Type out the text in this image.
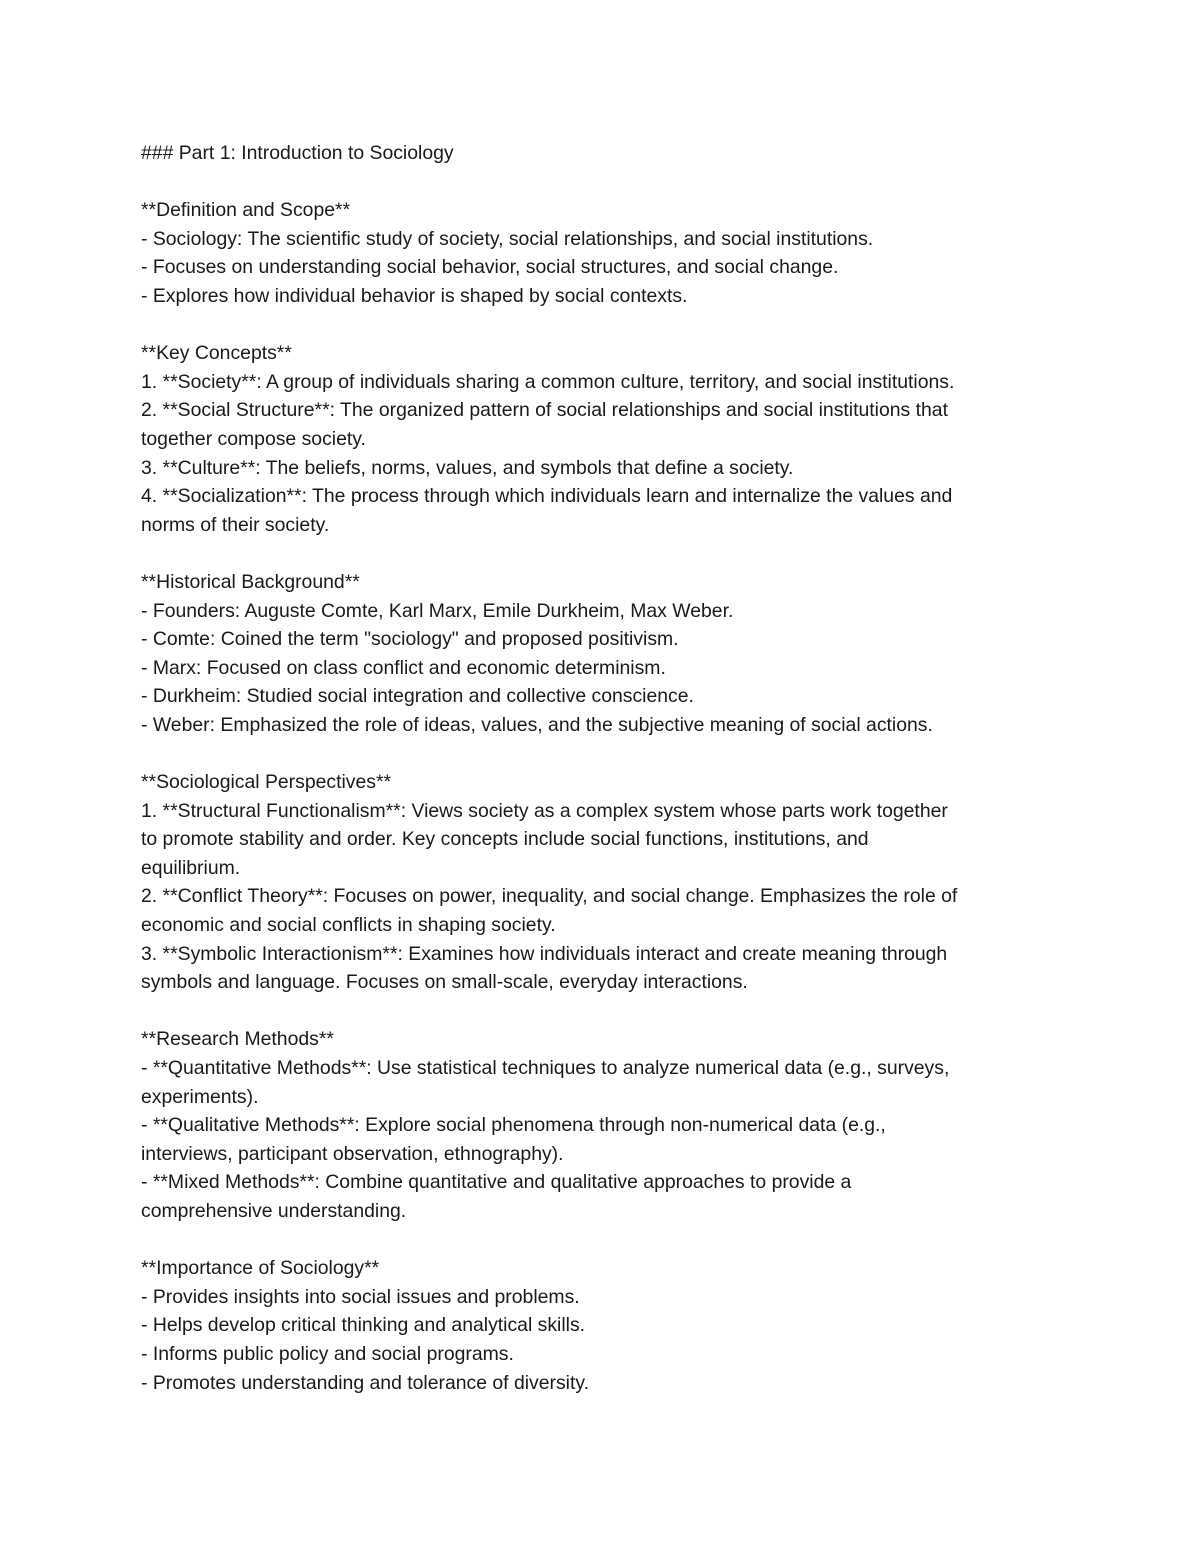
### Part 1: Introduction to Sociology
**Definition and Scope**
- Sociology: The scientific study of society, social relationships, and social institutions.
- Focuses on understanding social behavior, social structures, and social change.
- Explores how individual behavior is shaped by social contexts.
**Key Concepts**
1. **Society**: A group of individuals sharing a common culture, territory, and social institutions.
2. **Social Structure**: The organized pattern of social relationships and social institutions that
together compose society.
3. **Culture**: The beliefs, norms, values, and symbols that define a society.
4. **Socialization**: The process through which individuals learn and internalize the values and
norms of their society.
**Historical Background**
- Founders: Auguste Comte, Karl Marx, Emile Durkheim, Max Weber.
- Comte: Coined the term "sociology" and proposed positivism.
- Marx: Focused on class conflict and economic determinism.
- Durkheim: Studied social integration and collective conscience.
- Weber: Emphasized the role of ideas, values, and the subjective meaning of social actions.
**Sociological Perspectives**
1. **Structural Functionalism**: Views society as a complex system whose parts work together
to promote stability and order. Key concepts include social functions, institutions, and
equilibrium.
2. **Conflict Theory**: Focuses on power, inequality, and social change. Emphasizes the role of
economic and social conflicts in shaping society.
3. **Symbolic Interactionism**: Examines how individuals interact and create meaning through
symbols and language. Focuses on small-scale, everyday interactions.
**Research Methods**
- **Quantitative Methods**: Use statistical techniques to analyze numerical data (e.g., surveys,
experiments).
- **Qualitative Methods**: Explore social phenomena through non-numerical data (e.g.,
interviews, participant observation, ethnography).
- **Mixed Methods**: Combine quantitative and qualitative approaches to provide a
comprehensive understanding.
**Importance of Sociology**
- Provides insights into social issues and problems.
- Helps develop critical thinking and analytical skills.
- Informs public policy and social programs.
- Promotes understanding and tolerance of diversity.
